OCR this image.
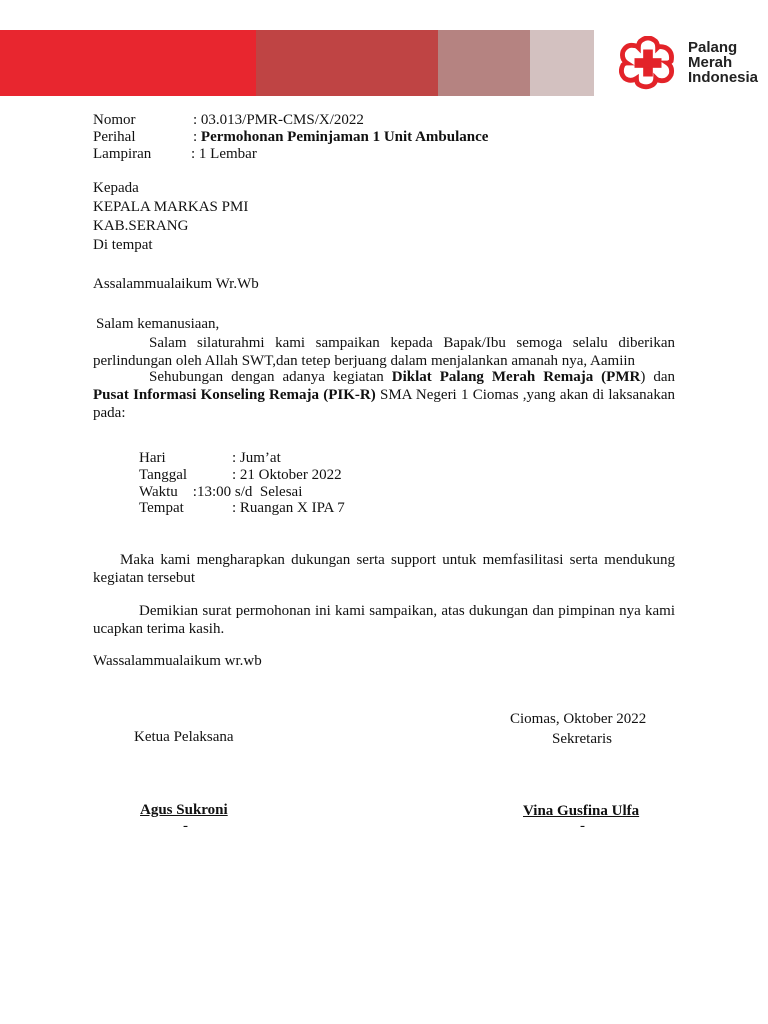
Palang
Merah
Indonesia
Nomor	: 03.013/PMR-CMS/X/2022
Perihal	: Permohonan Peminjaman 1 Unit Ambulance
Lampiran	: 1 Lembar
Kepada
KEPALA MARKAS PMI
KAB.SERANG
Di tempat
Assalammualaikum Wr.Wb
Salam kemanusiaan,
Salam silaturahmi kami sampaikan kepada Bapak/Ibu semoga selalu diberikan perlindungan oleh Allah SWT,dan tetep berjuang dalam menjalankan amanah nya, Aamiin
Sehubungan dengan adanya kegiatan Diklat Palang Merah Remaja (PMR) dan Pusat Informasi Konseling Remaja (PIK-R) SMA Negeri 1 Ciomas ,yang akan di laksanakan pada:
Hari	: Jum’at
Tanggal	: 21 Oktober 2022
Waktu    :13:00 s/d  Selesai
Tempat	: Ruangan X IPA 7
Maka kami mengharapkan dukungan serta support untuk memfasilitasi serta mendukung kegiatan tersebut
Demikian surat permohonan ini kami sampaikan, atas dukungan dan pimpinan nya kami ucapkan terima kasih.
Wassalammualaikum wr.wb
Ciomas, Oktober 2022
Ketua Pelaksana	Sekretaris
Agus Sukroni	Vina Gusfina Ulfa
-	-
